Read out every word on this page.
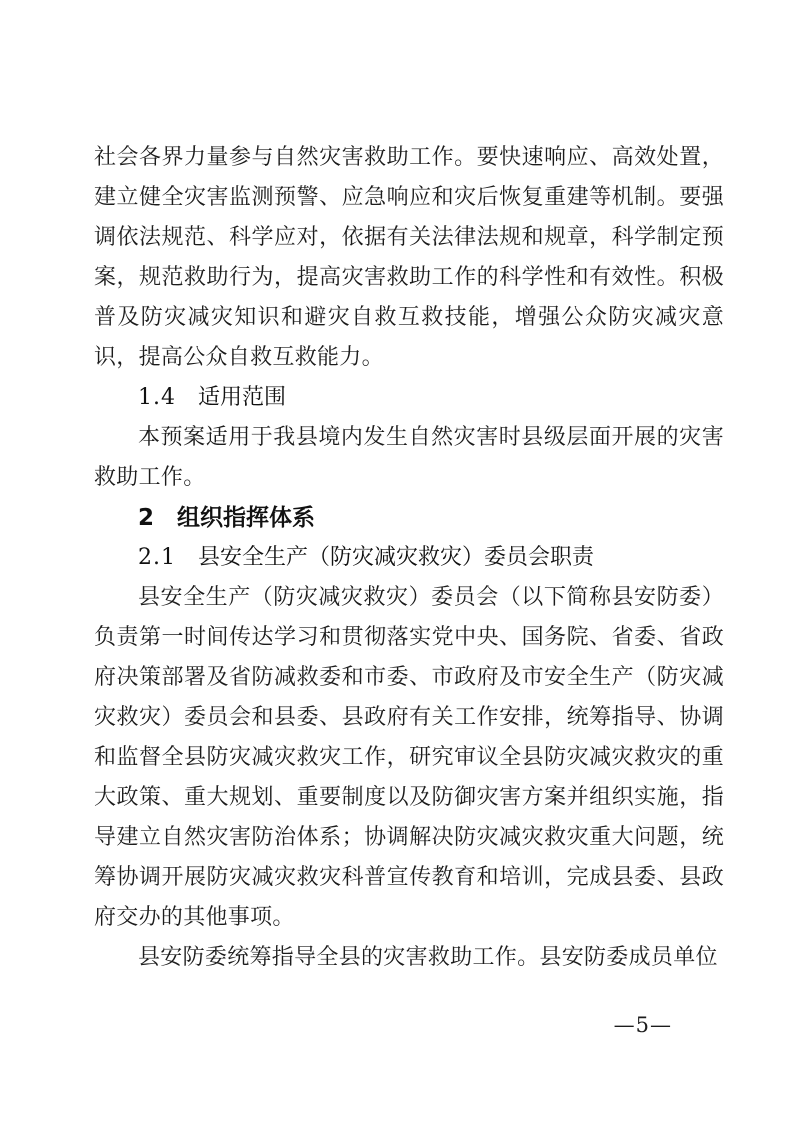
社会各界力量参与自然灾害救助工作。要快速响应、高效处置，建立健全灾害监测预警、应急响应和灾后恢复重建等机制。要强调依法规范、科学应对，依据有关法律法规和规章，科学制定预案，规范救助行为，提高灾害救助工作的科学性和有效性。积极普及防灾减灾知识和避灾自救互救技能，增强公众防灾减灾意识，提高公众自救互救能力。

1.4 适用范围

本预案适用于我县境内发生自然灾害时县级层面开展的灾害救助工作。

2 组织指挥体系
2.1 县安全生产（防灾减灾救灾）委员会职责

县安全生产（防灾减灾救灾）委员会（以下简称县安防委）负责第一时间传达学习和贯彻落实党中央、国务院、省委、省政府决策部署及省防减救委和市委、市政府及市安全生产（防灾减灾救灾）委员会和县委、县政府有关工作安排，统筹指导、协调和监督全县防灾减灾救灾工作，研究审议全县防灾减灾救灾的重大政策、重大规划、重要制度以及防御灾害方案并组织实施，指导建立自然灾害防治体系；协调解决防灾减灾救灾重大问题，统筹协调开展防灾减灾救灾科普宣传教育和培训，完成县委、县政府交办的其他事项。

县安防委统筹指导全县的灾害救助工作。县安防委成员单位

—5—
